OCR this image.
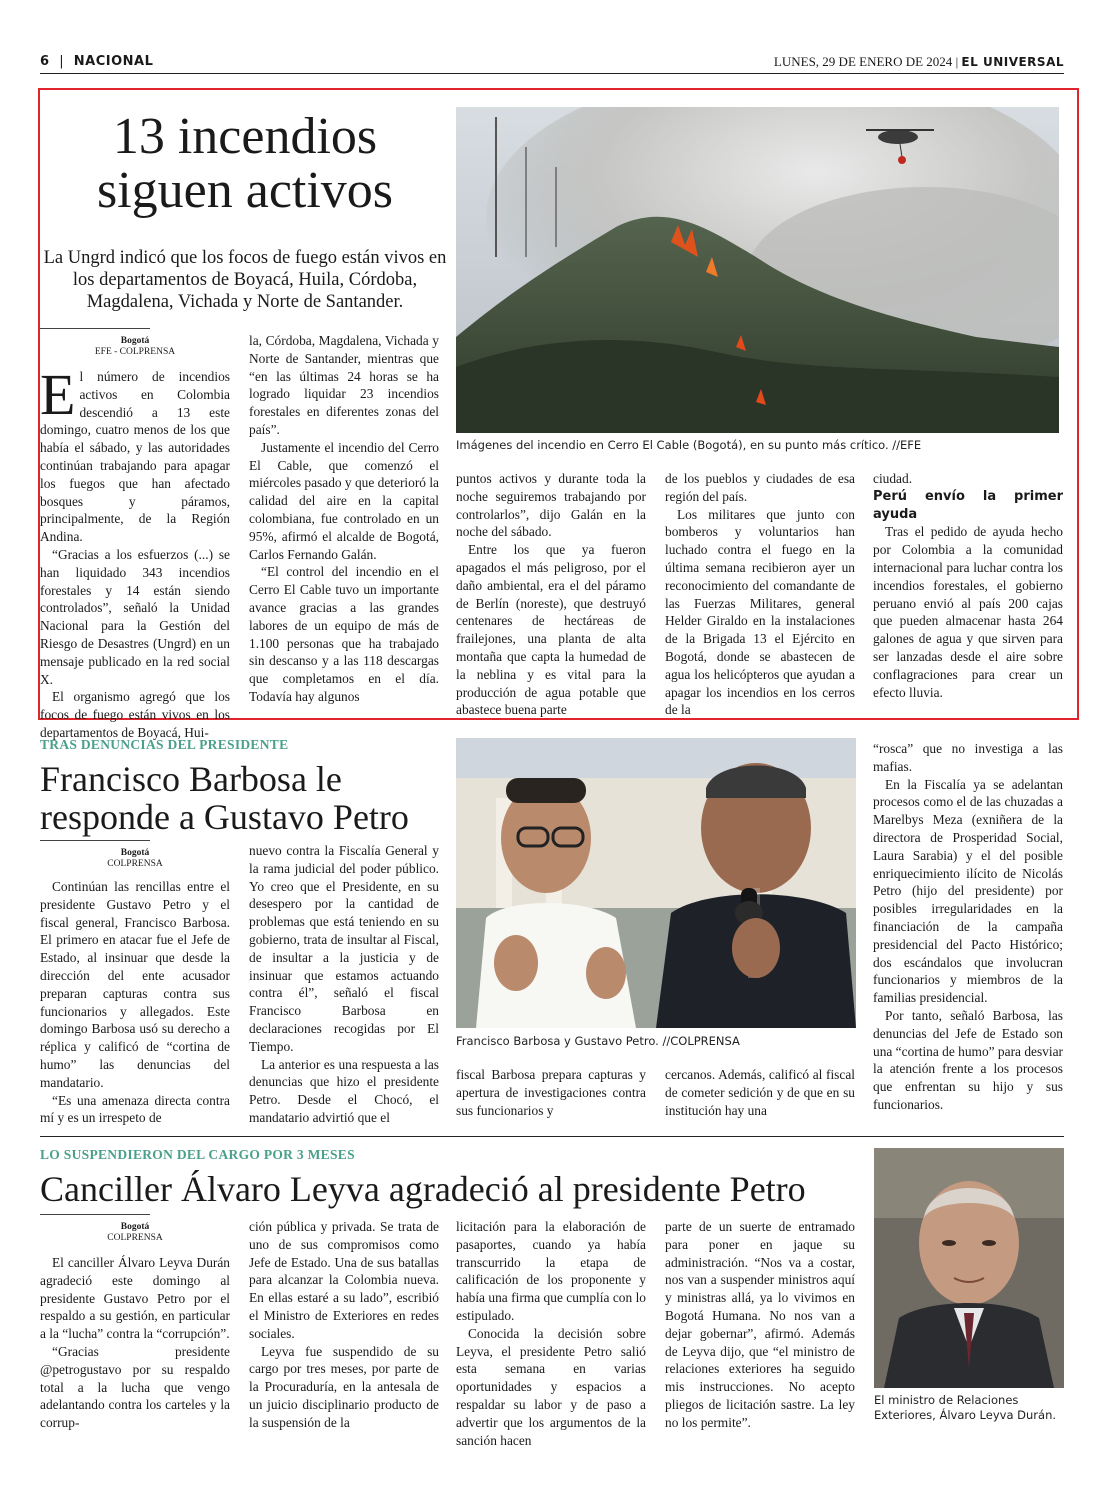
6  |  NACIONAL	LUNES, 29 DE ENERO DE 2024 | EL UNIVERSAL
13 incendios
siguen activos
La Ungrd indicó que los focos de fuego están vivos en los departamentos de Boyacá, Huila, Córdoba, Magdalena, Vichada y Norte de Santander.
Bogotá
EFE - COLPRENSA
Imágenes del incendio en Cerro El Cable (Bogotá), en su punto más crítico. //EFE

El número de incendios activos en Colombia descendió a 13 este domingo, cuatro menos de los que había el sábado, y las autoridades continúan trabajando para apagar los fuegos que han afectado bosques y páramos, principalmente, de la Región Andina.

“Gracias a los esfuerzos (...) se han liquidado 343 incendios forestales y 14 están siendo controlados”, señaló la Unidad Nacional para la Gestión del Riesgo de Desastres (Ungrd) en un mensaje publicado en la red social X.

El organismo agregó que los focos de fuego están vivos en los departamentos de Boyacá, Hui-

la, Córdoba, Magdalena, Vichada y Norte de Santander, mientras que “en las últimas 24 horas se ha logrado liquidar 23 incendios forestales en diferentes zonas del país”.

Justamente el incendio del Cerro El Cable, que comenzó el miércoles pasado y que deterioró la calidad del aire en la capital colombiana, fue controlado en un 95%, afirmó el alcalde de Bogotá, Carlos Fernando Galán.

“El control del incendio en el Cerro El Cable tuvo un importante avance gracias a las grandes labores de un equipo de más de 1.100 personas que ha trabajado sin descanso y a las 118 descargas que completamos en el día. Todavía hay algunos

puntos activos y durante toda la noche seguiremos trabajando por controlarlos”, dijo Galán en la noche del sábado.

Entre los que ya fueron apagados el más peligroso, por el daño ambiental, era el del páramo de Berlín (noreste), que destruyó centenares de hectáreas de frailejones, una planta de alta montaña que capta la humedad de la neblina y es vital para la producción de agua potable que abastece buena parte

de los pueblos y ciudades de esa región del país.

Los militares que junto con bomberos y voluntarios han luchado contra el fuego en la última semana recibieron ayer un reconocimiento del comandante de las Fuerzas Militares, general Helder Giraldo en la instalaciones de la Brigada 13 el Ejército en Bogotá, donde se abastecen de agua los helicópteros que ayudan a apagar los incendios en los cerros de la

ciudad.

Perú envío la primer ayuda

Tras el pedido de ayuda hecho por Colombia a la comunidad internacional para luchar contra los incendios forestales, el gobierno peruano envió al país 200 cajas que pueden almacenar hasta 264 galones de agua y que sirven para ser lanzadas desde el aire sobre conflagraciones para crear un efecto lluvia.

TRAS DENUNCIAS DEL PRESIDENTE
Francisco Barbosa le
responde a Gustavo Petro
Bogotá
COLPRENSA
Francisco Barbosa y Gustavo Petro. //COLPRENSA

Continúan las rencillas entre el presidente Gustavo Petro y el fiscal general, Francisco Barbosa. El primero en atacar fue el Jefe de Estado, al insinuar que desde la dirección del ente acusador preparan capturas contra sus funcionarios y allegados. Este domingo Barbosa usó su derecho a réplica y calificó de “cortina de humo” las denuncias del mandatario.

“Es una amenaza directa contra mí y es un irrespeto de

nuevo contra la Fiscalía General y la rama judicial del poder público. Yo creo que el Presidente, en su desespero por la cantidad de problemas que está teniendo en su gobierno, trata de insultar al Fiscal, de insultar a la justicia y de insinuar que estamos actuando contra él”, señaló el fiscal Francisco Barbosa en declaraciones recogidas por El Tiempo.

La anterior es una respuesta a las denuncias que hizo el presidente Petro. Desde el Chocó, el mandatario advirtió que el

fiscal Barbosa prepara capturas y apertura de investigaciones contra sus funcionarios y

cercanos. Además, calificó al fiscal de cometer sedición y de que en su institución hay una

“rosca” que no investiga a las mafias.

En la Fiscalía ya se adelantan procesos como el de las chuzadas a Marelbys Meza (exniñera de la directora de Prosperidad Social, Laura Sarabia) y el del posible enriquecimiento ilícito de Nicolás Petro (hijo del presidente) por posibles irregularidades en la financiación de la campaña presidencial del Pacto Histórico; dos escándalos que involucran funcionarios y miembros de la familias presidencial.

Por tanto, señaló Barbosa, las denuncias del Jefe de Estado son una “cortina de humo” para desviar la atención frente a los procesos que enfrentan su hijo y sus funcionarios.

LO SUSPENDIERON DEL CARGO POR 3 MESES
Canciller Álvaro Leyva agradeció al presidente Petro
Bogotá
COLPRENSA

El canciller Álvaro Leyva Durán agradeció este domingo al presidente Gustavo Petro por el respaldo a su gestión, en particular a la “lucha” contra la “corrupción”.

“Gracias presidente @petrogustavo por su respaldo total a la lucha que vengo adelantando contra los carteles y la corrup-

ción pública y privada. Se trata de uno de sus compromisos como Jefe de Estado. Una de sus batallas para alcanzar la Colombia nueva. En ellas estaré a su lado”, escribió el Ministro de Exteriores en redes sociales.

Leyva fue suspendido de su cargo por tres meses, por parte de la Procuraduría, en la antesala de un juicio disciplinario producto de la suspensión de la

licitación para la elaboración de pasaportes, cuando ya había transcurrido la etapa de calificación de los proponente y había una firma que cumplía con lo estipulado.

Conocida la decisión sobre Leyva, el presidente Petro salió esta semana en varias oportunidades y espacios a respaldar su labor y de paso a advertir que los argumentos de la sanción hacen

parte de un suerte de entramado para poner en jaque su administración. “Nos va a costar, nos van a suspender ministros aquí y ministras allá, ya lo vivimos en Bogotá Humana. No nos van a dejar gobernar”, afirmó. Además de Leyva dijo, que “el ministro de relaciones exteriores ha seguido mis instrucciones. No acepto pliegos de licitación sastre. La ley no los permite”.

El ministro de Relaciones Exteriores, Álvaro Leyva Durán.
